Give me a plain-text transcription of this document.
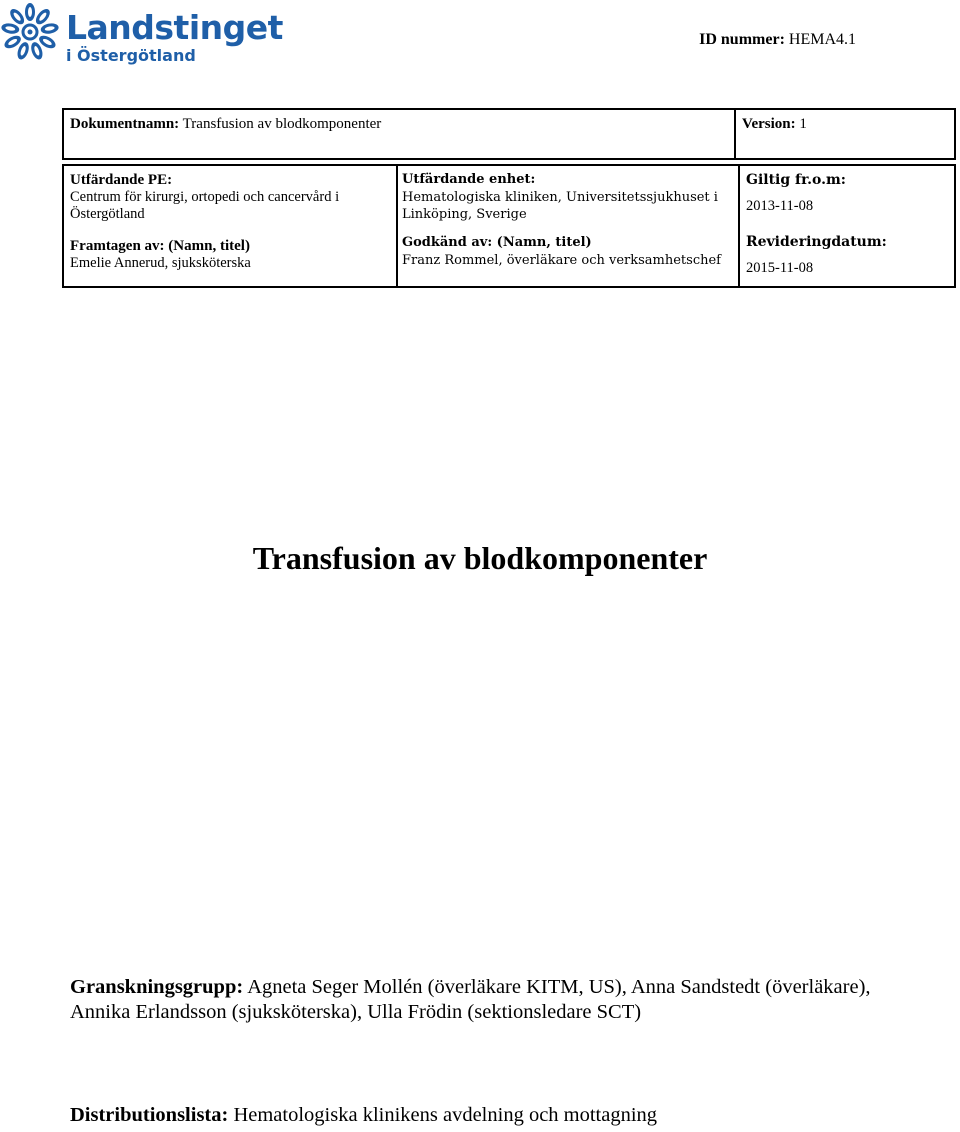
Landstinget
i Östergötland
ID nummer: HEMA4.1
Dokumentnamn: Transfusion av blodkomponenter	Version: 1
Utfärdande PE:
Centrum för kirurgi, ortopedi och cancervård i Östergötland
Framtagen av: (Namn, titel)
Emelie Annerud, sjuksköterska
Utfärdande enhet:
Hematologiska kliniken, Universitetssjukhuset i Linköping, Sverige
Godkänd av: (Namn, titel)
Franz Rommel, överläkare och verksamhetschef
Giltig fr.o.m:
2013-11-08
Revideringdatum:
2015-11-08
Transfusion av blodkomponenter
Granskningsgrupp: Agneta Seger Mollén (överläkare KITM, US), Anna Sandstedt (överläkare), Annika Erlandsson (sjuksköterska), Ulla Frödin (sektionsledare SCT)
Distributionslista: Hematologiska klinikens avdelning och mottagning
